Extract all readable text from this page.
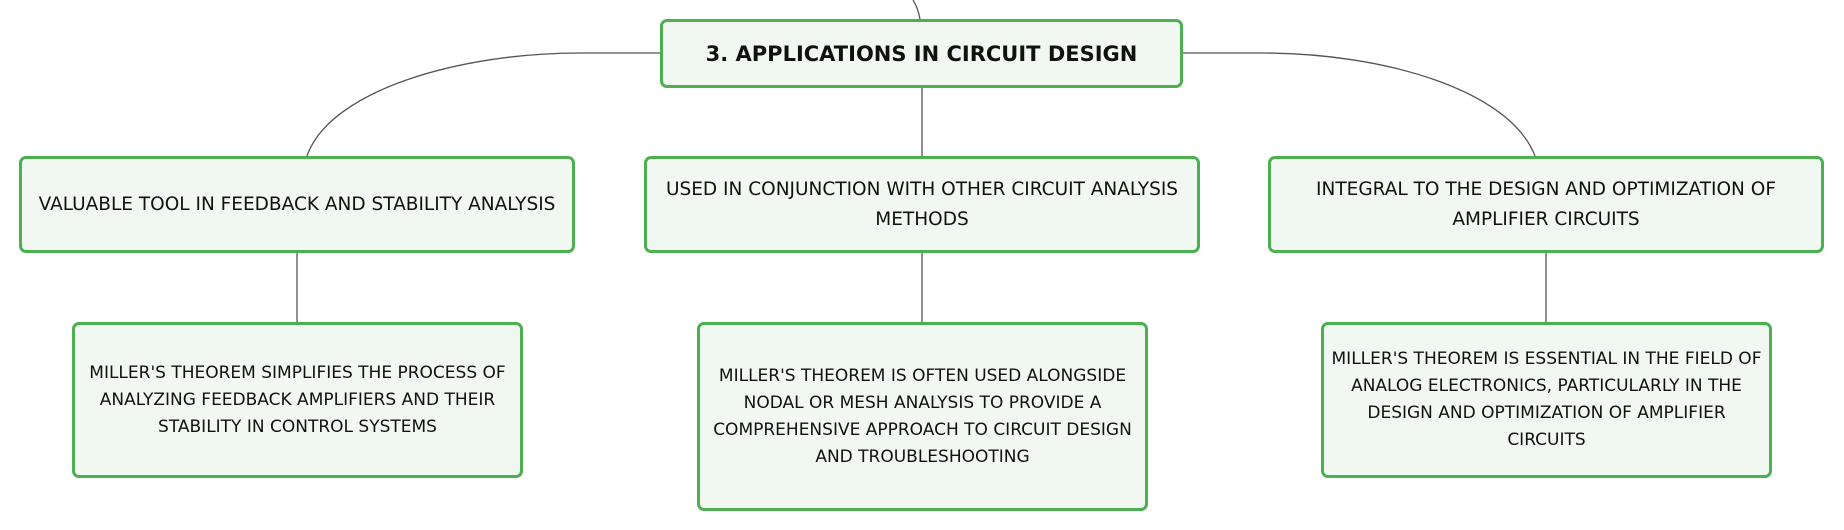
3. APPLICATIONS IN CIRCUIT DESIGN
VALUABLE TOOL IN FEEDBACK AND STABILITY ANALYSIS
USED IN CONJUNCTION WITH OTHER CIRCUIT ANALYSIS METHODS
INTEGRAL TO THE DESIGN AND OPTIMIZATION OF AMPLIFIER CIRCUITS
MILLER'S THEOREM SIMPLIFIES THE PROCESS OF ANALYZING FEEDBACK AMPLIFIERS AND THEIR STABILITY IN CONTROL SYSTEMS
MILLER'S THEOREM IS OFTEN USED ALONGSIDE NODAL OR MESH ANALYSIS TO PROVIDE A COMPREHENSIVE APPROACH TO CIRCUIT DESIGN AND TROUBLESHOOTING
MILLER'S THEOREM IS ESSENTIAL IN THE FIELD OF ANALOG ELECTRONICS, PARTICULARLY IN THE DESIGN AND OPTIMIZATION OF AMPLIFIER CIRCUITS
